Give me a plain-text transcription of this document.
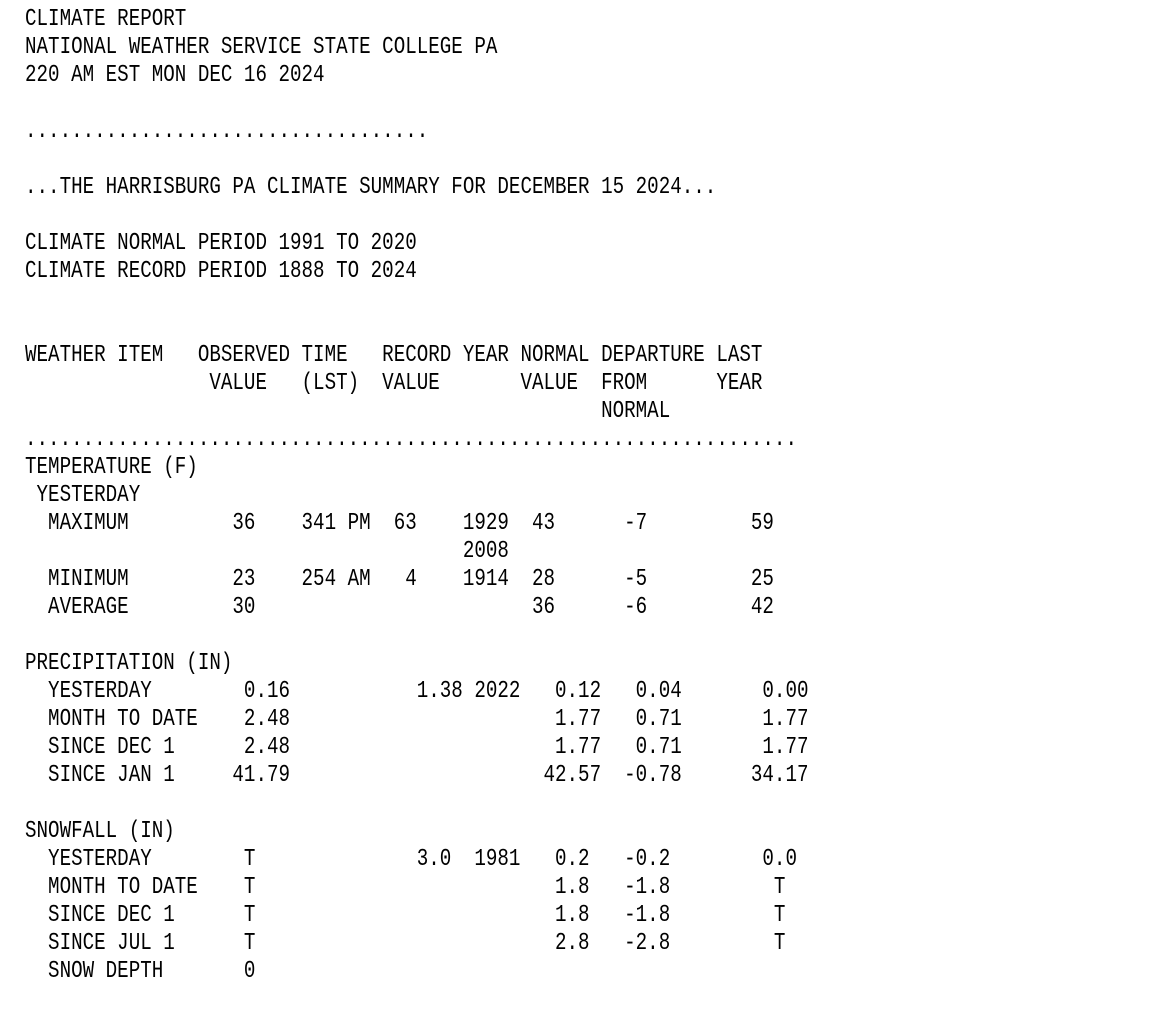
CLIMATE REPORT
NATIONAL WEATHER SERVICE STATE COLLEGE PA
220 AM EST MON DEC 16 2024
...................................
...THE HARRISBURG PA CLIMATE SUMMARY FOR DECEMBER 15 2024...
CLIMATE NORMAL PERIOD 1991 TO 2020
CLIMATE RECORD PERIOD 1888 TO 2024
WEATHER ITEM   OBSERVED TIME   RECORD YEAR NORMAL DEPARTURE LAST
VALUE   (LST)  VALUE       VALUE  FROM      YEAR
NORMAL
...................................................................
TEMPERATURE (F)
YESTERDAY
MAXIMUM         36    341 PM  63    1929  43      -7         59
2008
MINIMUM         23    254 AM   4    1914  28      -5         25
AVERAGE         30                        36      -6         42
PRECIPITATION (IN)
YESTERDAY        0.16           1.38 2022   0.12   0.04       0.00
MONTH TO DATE    2.48                       1.77   0.71       1.77
SINCE DEC 1      2.48                       1.77   0.71       1.77
SINCE JAN 1     41.79                      42.57  -0.78      34.17
SNOWFALL (IN)
YESTERDAY        T              3.0  1981   0.2   -0.2        0.0
MONTH TO DATE    T                          1.8   -1.8         T
SINCE DEC 1      T                          1.8   -1.8         T
SINCE JUL 1      T                          2.8   -2.8         T
SNOW DEPTH       0
